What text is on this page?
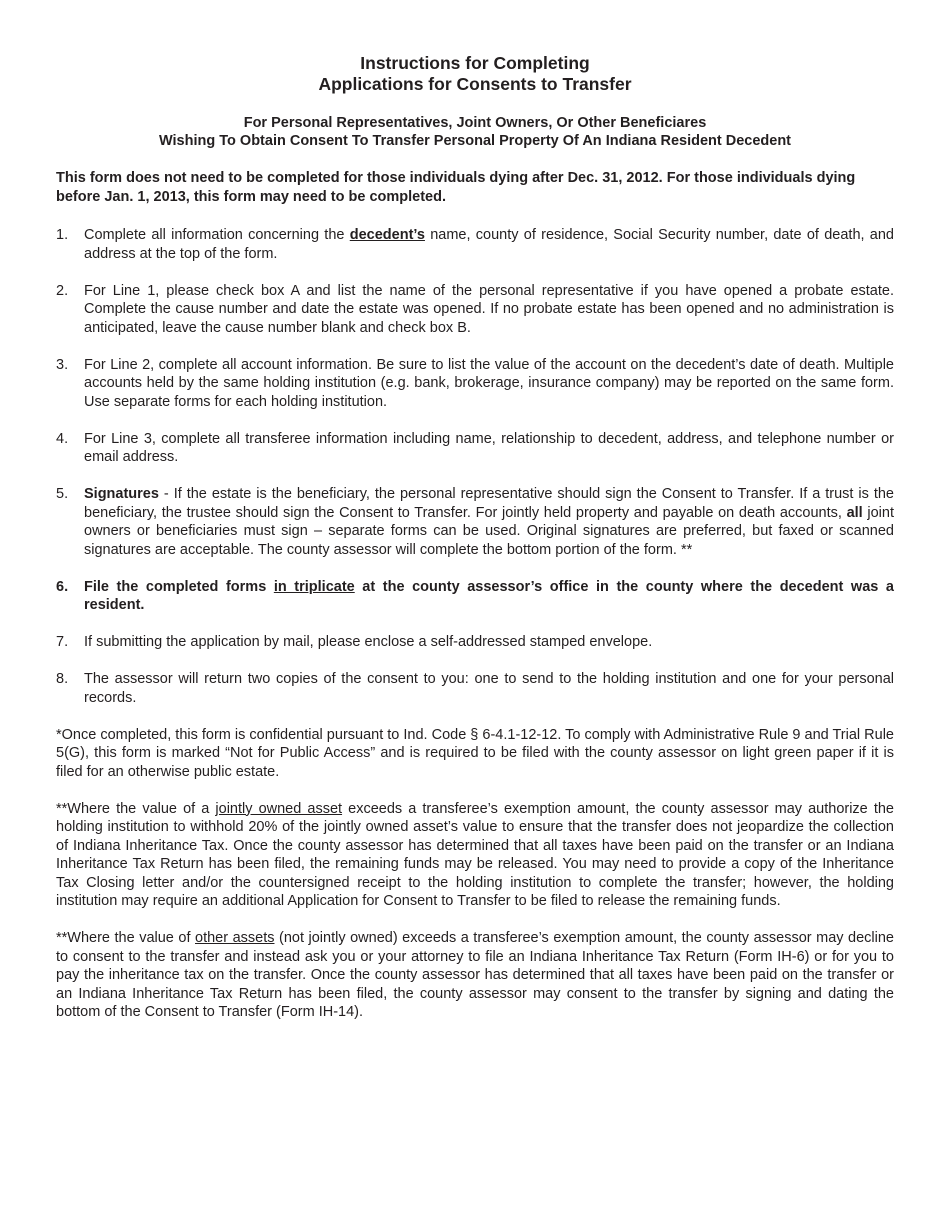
Instructions for Completing
Applications for Consents to Transfer
For Personal Representatives, Joint Owners, Or Other Beneficiares
Wishing To Obtain Consent To Transfer Personal Property Of An Indiana Resident Decedent
This form does not need to be completed for those individuals dying after Dec. 31, 2012. For those individuals dying before Jan. 1, 2013, this form may need to be completed.
1.	Complete all information concerning the decedent’s name, county of residence, Social Security number, date of death, and address at the top of the form.
2.	For Line 1, please check box A and list the name of the personal representative if you have opened a probate estate. Complete the cause number and date the estate was opened. If no probate estate has been opened and no administration is anticipated, leave the cause number blank and check box B.
3.	For Line 2, complete all account information. Be sure to list the value of the account on the decedent’s date of death. Multiple accounts held by the same holding institution (e.g. bank, brokerage, insurance company) may be reported on the same form. Use separate forms for each holding institution.
4.	For Line 3, complete all transferee information including name, relationship to decedent, address, and telephone number or email address.
5.	Signatures - If the estate is the beneficiary, the personal representative should sign the Consent to Transfer. If a trust is the beneficiary, the trustee should sign the Consent to Transfer. For jointly held property and payable on death accounts, all joint owners or beneficiaries must sign – separate forms can be used. Original signatures are preferred, but faxed or scanned signatures are acceptable. The county assessor will complete the bottom portion of the form. **
6.	File the completed forms in triplicate at the county assessor’s office in the county where the decedent was a resident.
7.	If submitting the application by mail, please enclose a self-addressed stamped envelope.
8.	The assessor will return two copies of the consent to you: one to send to the holding institution and one for your personal records.

*Once completed, this form is confidential pursuant to Ind. Code § 6-4.1-12-12. To comply with Administrative Rule 9 and Trial Rule 5(G), this form is marked “Not for Public Access” and is required to be filed with the county assessor on light green paper if it is filed for an otherwise public estate.

**Where the value of a jointly owned asset exceeds a transferee’s exemption amount, the county assessor may authorize the holding institution to withhold 20% of the jointly owned asset’s value to ensure that the transfer does not jeopardize the collection of Indiana Inheritance Tax. Once the county assessor has determined that all taxes have been paid on the transfer or an Indiana Inheritance Tax Return has been filed, the remaining funds may be released. You may need to provide a copy of the Inheritance Tax Closing letter and/or the countersigned receipt to the holding institution to complete the transfer; however, the holding institution may require an additional Application for Consent to Transfer to be filed to release the remaining funds.

**Where the value of other assets (not jointly owned) exceeds a transferee’s exemption amount, the county assessor may decline to consent to the transfer and instead ask you or your attorney to file an Indiana Inheritance Tax Return (Form IH-6) or for you to pay the inheritance tax on the transfer. Once the county assessor has determined that all taxes have been paid on the transfer or an Indiana Inheritance Tax Return has been filed, the county assessor may consent to the transfer by signing and dating the bottom of the Consent to Transfer (Form IH-14).
